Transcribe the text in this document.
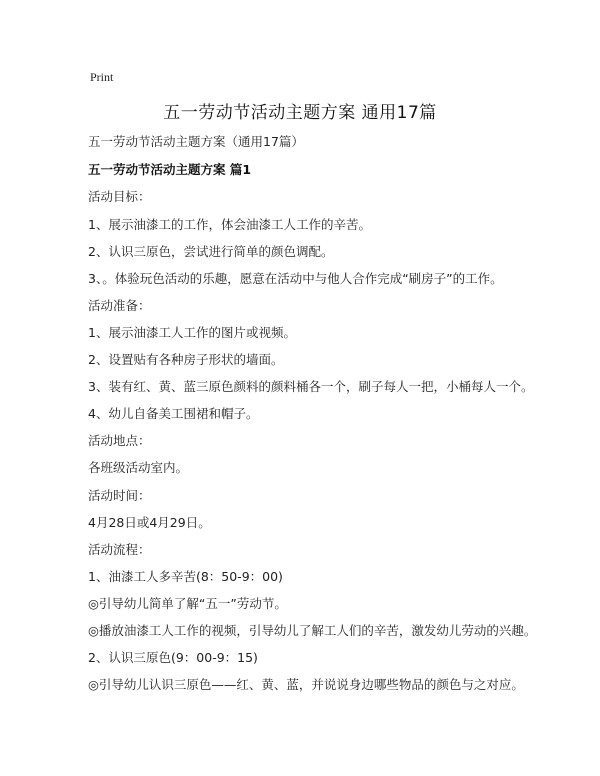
Print
五一劳动节活动主题方案 通用17篇
五一劳动节活动主题方案（通用17篇）
五一劳动节活动主题方案 篇1
活动目标：
1、展示油漆工的工作，体会油漆工人工作的辛苦。
2、认识三原色，尝试进行简单的颜色调配。
3、。体验玩色活动的乐趣，愿意在活动中与他人合作完成“刷房子”的工作。
活动准备：
1、展示油漆工人工作的图片或视频。
2、设置贴有各种房子形状的墙面。
3、装有红、黄、蓝三原色颜料的颜料桶各一个，刷子每人一把，小桶每人一个。
4、幼儿自备美工围裙和帽子。
活动地点：
各班级活动室内。
活动时间：
4月28日或4月29日。
活动流程：
1、油漆工人多辛苦(8：50-9：00)
◎引导幼儿简单了解“五一”劳动节。
◎播放油漆工人工作的视频，引导幼儿了解工人们的辛苦，激发幼儿劳动的兴趣。
2、认识三原色(9：00-9：15)
◎引导幼儿认识三原色——红、黄、蓝，并说说身边哪些物品的颜色与之对应。
